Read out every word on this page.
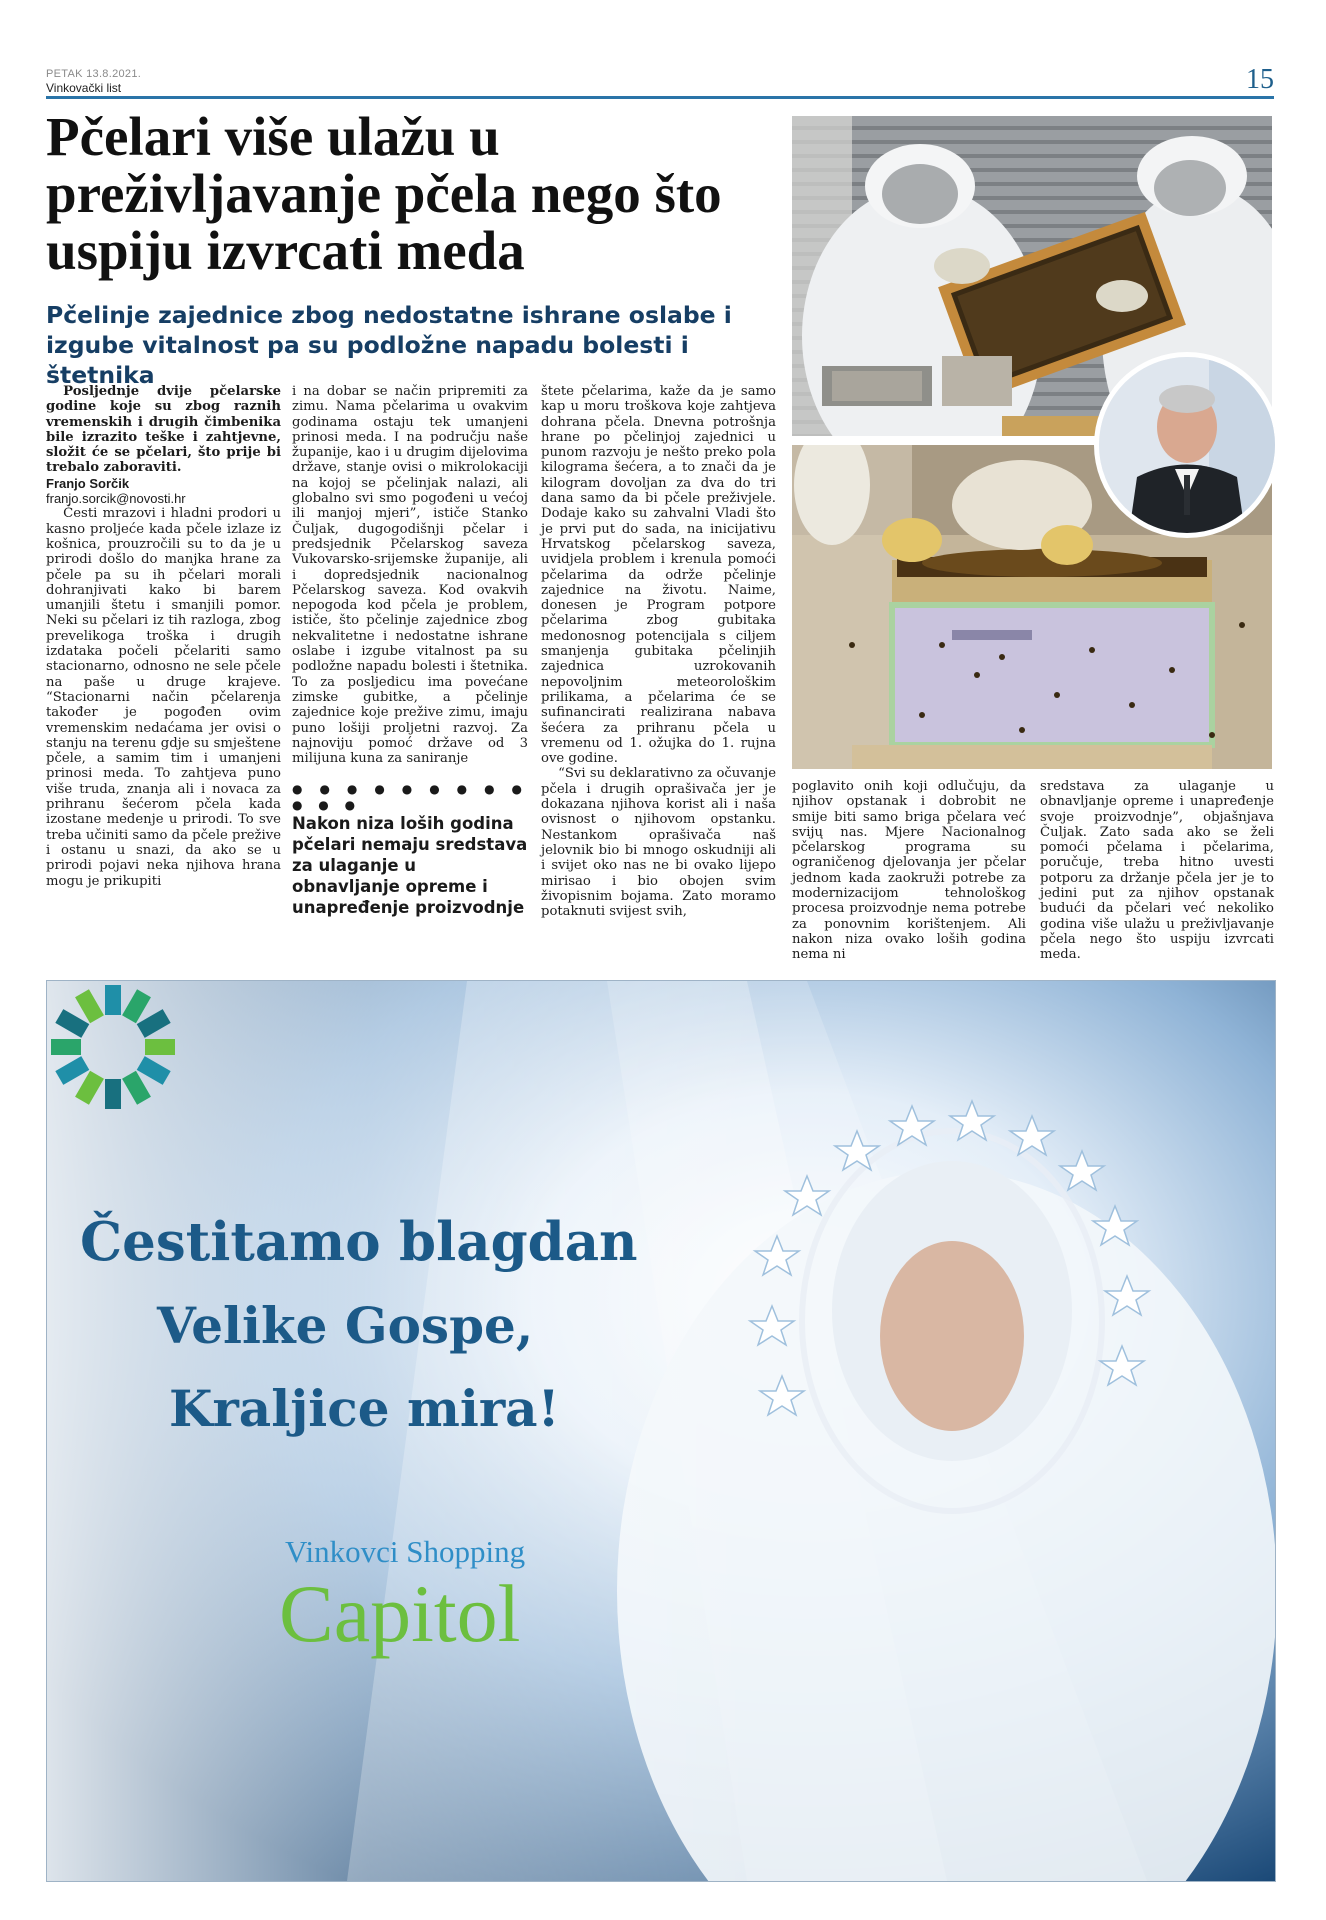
PETAK 13.8.2021.
Vinkovački list	15
Pčelari više ulažu u preživljavanje pčela nego što uspiju izvrcati meda
Pčelinje zajednice zbog nedostatne ishrane oslabe i izgube vitalnost pa su podložne napadu bolesti i štetnika

Posljednje dvije pčelarske godine koje su zbog raznih vremenskih i drugih čimbenika bile izrazito teške i zahtjevne, složit će se pčelari, što prije bi trebalo zaboraviti.

Franjo Sorčik

franjo.sorcik@novosti.hr

Česti mrazovi i hladni prodori u kasno proljeće kada pčele izlaze iz košnica, prouzročili su to da je u prirodi došlo do manjka hrane za pčele pa su ih pčelari morali dohranjivati kako bi barem umanjili štetu i smanjili pomor. Neki su pčelari iz tih razloga, zbog prevelikoga troška i drugih izdataka počeli pčelariti samo stacionarno, odnosno ne sele pčele na paše u druge krajeve. “Stacionarni način pčelarenja također je pogođen ovim vremenskim nedaćama jer ovisi o stanju na terenu gdje su smještene pčele, a samim tim i umanjeni prinosi meda. To zahtjeva puno više truda, znanja ali i novaca za prihranu šećerom pčela kada izostane medenje u prirodi. To sve treba učiniti samo da pčele prežive i ostanu u snazi, da ako se u prirodi pojavi neka njihova hrana mogu je prikupiti

i na dobar se način pripremiti za zimu. Nama pčelarima u ovakvim godinama ostaju tek umanjeni prinosi meda. I na području naše županije, kao i u drugim dijelovima države, stanje ovisi o mikrolokaciji na kojoj se pčelinjak nalazi, ali globalno svi smo pogođeni u većoj ili manjoj mjeri”, ističe Stanko Čuljak, dugogodišnji pčelar i predsjednik Pčelarskog saveza Vukovarsko-srijemske županije, ali i dopredsjednik nacionalnog Pčelarskog saveza. Kod ovakvih nepogoda kod pčela je problem, ističe, što pčelinje zajednice zbog nekvalitetne i nedostatne ishrane oslabe i izgube vitalnost pa su podložne napadu bolesti i štetnika. To za posljedicu ima povećane zimske gubitke, a pčelinje zajednice koje prežive zimu, imaju puno lošiji proljetni razvoj. Za najnoviju pomoć države od 3 milijuna kuna za saniranje

● ● ● ● ● ● ● ● ● ● ● ●

Nakon niza loših godina pčelari nemaju sredstava za ulaganje u obnavljanje opreme i unapređenje proizvodnje

štete pčelarima, kaže da je samo kap u moru troškova koje zahtjeva dohrana pčela. Dnevna potrošnja hrane po pčelinjoj zajednici u punom razvoju je nešto preko pola kilograma šećera, a to znači da je kilogram dovoljan za dva do tri dana samo da bi pčele preživjele. Dodaje kako su zahvalni Vladi što je prvi put do sada, na inicijativu Hrvatskog pčelarskog saveza, uvidjela problem i krenula pomoći pčelarima da održe pčelinje zajednice na životu. Naime, donesen je Program potpore pčelarima zbog gubitaka medonosnog potencijala s ciljem smanjenja gubitaka pčelinjih zajednica uzrokovanih nepovoljnim meteorološkim prilikama, a pčelarima će se sufinancirati realizirana nabava šećera za prihranu pčela u vremenu od 1. ožujka do 1. rujna ove godine.

“Svi su deklarativno za očuvanje pčela i drugih oprašivača jer je dokazana njihova korist ali i naša ovisnost o njihovom opstanku. Nestankom oprašivača naš jelovnik bio bi mnogo oskudniji ali i svijet oko nas ne bi ovako lijepo mirisao i bio obojen svim živopisnim bojama. Zato moramo potaknuti svijest svih,

poglavito onih koji odlučuju, da njihov opstanak i dobrobit ne smije biti samo briga pčelara već svijų nas. Mjere Nacionalnog pčelarskog programa su ograničenog djelovanja jer pčelar jednom kada zaokruži potrebe za modernizacijom tehnološkog procesa proizvodnje nema potrebe za ponovnim korištenjem. Ali nakon niza ovako loših godina nema ni

sredstava za ulaganje u obnavljanje opreme i unapređenje svoje proizvodnje”, objašnjava Čuljak. Zato sada ako se želi pomoći pčelama i pčelarima, poručuje, treba hitno uvesti potporu za držanje pčela jer je to jedini put za njihov opstanak budući da pčelari već nekoliko godina više ulažu u preživljavanje pčela nego što uspiju izvrcati meda.

Čestitamo blagdan

Velike Gospe,

Kraljice mira!

Vinkovci Shopping
Capitol
